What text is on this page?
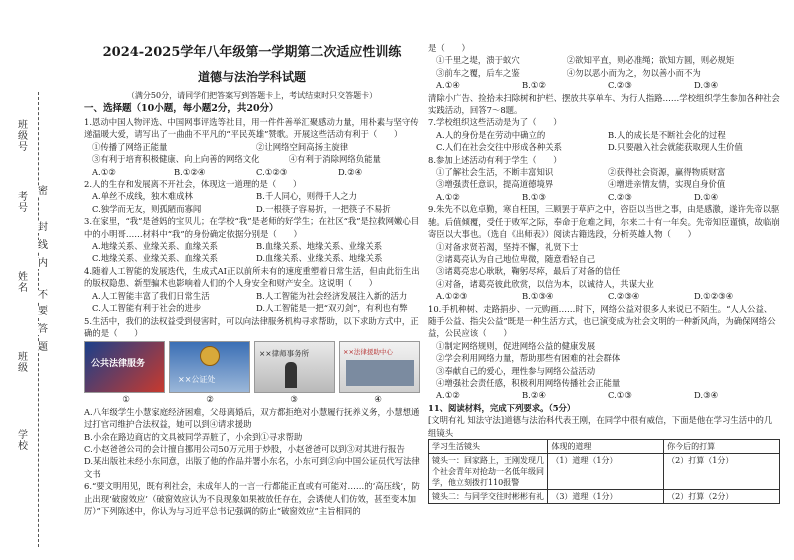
班级号
考号
姓名
班级
学校
密
封
线
内
不
要
答
题
2024-2025学年八年级第一学期第二次适应性训练
道德与法治学科试题
（满分50分，请同学们把答案写到答题卡上，考试结束时只交答题卡）
一、选择题（10小题，每小题2分，共20分）
1.恩动中国人物评选、中国网事评选等社目，用一件件善举汇聚感动力量，用朴素与坚守传递温暖大爱，请写出了一曲曲不平凡的“平民英雄”赞歌。开展这些活动有利于（　　）
①传播了网络正能量	②让网络空间高扬主旋律
③有利于培育积极健康、向上向善的网络文化	④有利于消除网络负能量
A.①②	B.①②④	C.①②③	D.②④
2.人的生存和发展离不开社会，体现这一道理的是（　　）
A.单丝不成线，独木难成林	B.千人同心，则得千人之力
C.独学而无友，则孤陋而寡闻	D.一根筷子容易折，一把筷子不易折
3.在家里，“我”是爸妈的宝贝儿；在学校“我”是老师的好学生；在社区“我”是拉救网嫩心目中的小明哥……材料中“我”的身份确定依据分别是（　　）
A.地缘关系、业缘关系、血缘关系	B.血缘关系、地缘关系、业缘关系
C.地缘关系、业缘关系、血缘关系	D.血缘关系、业缘关系、地缘关系
4.随着人工智能的发展迭代，生成式AI正以前所未有的速度重塑着日常生活，但由此衍生出的版权隐患、新型骗术也影响着人们的个人身安全和财产安全。这说明（　　）
A.人工智能丰富了我们日常生活	B.人工智能为社会经济发展注入新的活力
C.人工智能有利于社会的进步	D.人工智能是一把“双刃剑”，有利也有弊
5.生活中，我们的法权益受到侵害时，可以向法律服务机构寻求帮助，以下求助方式中，正确的是（　　）
公共法律服务
××公证处
××律师事务所	××法律援助中心
①	②	③	④
A.八年级学生小慧家庭经济困难，父母离婚后，双方都拒绝对小慧履行抚养义务，小慧想通过打官司维护合法权益，她可以到④请求援助
B.小余在路边商店的文具被同学弄脏了，小余到①寻求帮助
C.小赵爸爸公司的会计擅自挪用公司50万元用于炒股，小赵爸爸可以到③对其进行报告
D.某出版社未经小东同意，出版了他的作品并署小东名，小东可到②向中国公证员代写法律文书
6.“要文明用见，既有利社会，未成年人的一言一行都能正直或有可能对……的‘高压线’，防止出现‘破窗效应’（破窗效应认为不良现象如果被放任存在，会诱使人们仿效，甚至变本加厉）”下列陈述中，你认为与习近平总书记强调的防止“破窗效应”主旨相同的
是（　　）
①千里之堤，溃于蚁穴	②欲知平直，则必准绳；欲知方圆，则必规矩
③前车之覆，后车之鉴	④勿以恶小而为之，勿以善小而不为
A.①④	B.①②	C.②③	D.③④
清除小广告、捡拾未扫除树和护栏、摆放共享单车、为行人指路……学校组织学生参加各种社会实践活动，回答7～8题。
7.学校组织这些活动是为了（　　）
A.人的身份是在劳动中确立的	B.人的成长是不断社会化的过程
C.人们在社会交往中形成各种关系	D.只要融入社会就能获取现人生价值
8.参加上述活动有利于学生（　　）
①了解社会生活，不断丰富知识	②获得社会资源，赢得物质财富
③增强责任意识，提高道德境界	④增进亲情友情，实现自身价值
A.①②	B.①③	C.②③	D.①④
9.朱先不以危卓勤，寒自枉国，三顾罢于草庐之中，咨臣以当世之事，由是感激，遂许先帝以驱驰。后值倾覆，受任于败军之际，奉命于危难之间，尔来二十有一年矣。先帝知臣谨慎，故临崩寄臣以大事也。（选自《出师表》）阅读古籍选段，分析英雄人物（　　）
①对备求贤若渴，坚持不懈，礼贤下士
②诸葛亮认为自己地位卑微，随意看轻自己
③诸葛亮忠心耿耿，鞠躬尽瘁，最后了对备的信任
④对备，诸葛亮彼此欣赏，以信为本，以诚待人，共谋大业
A.①②③	B.①③④	C.②③④	D.①②③④
10.手机种树、走路捐步、一元购画……时下，网络公益对很多人来说已不陌生。“人人公益、随手公益、指尖公益”既是一种生活方式，也已演变成为社会文明的一种新风尚，为确保网络公益，公民应该（　　）
①制定网络规则，促进网络公益的健康发展
②学会利用网络力量，帮助那些有困难的社会群体
③奉献自己的爱心，理性参与网络公益活动
④增强社会责任感，积极利用网络传播社会正能量
A.①②	B.②④	C.①③	D.③④
11、阅读材料，完成下列要求。（5分）
[文明有礼 知法守法]道德与法治科代表王刚，在同学中很有威信，下面是他在学习生活中的几组镜头
学习生活镜头	体现的道理	你今后的打算
镜头一：回家路上，王刚发现几个社会青年对抢劫一名低年级同学，他立刻拨打110报警	（1）道理（1分）	（2）打算（1分）
镜头二：与同学交往时彬彬有礼	（3）道理（1分）	（2）打算（2分）
